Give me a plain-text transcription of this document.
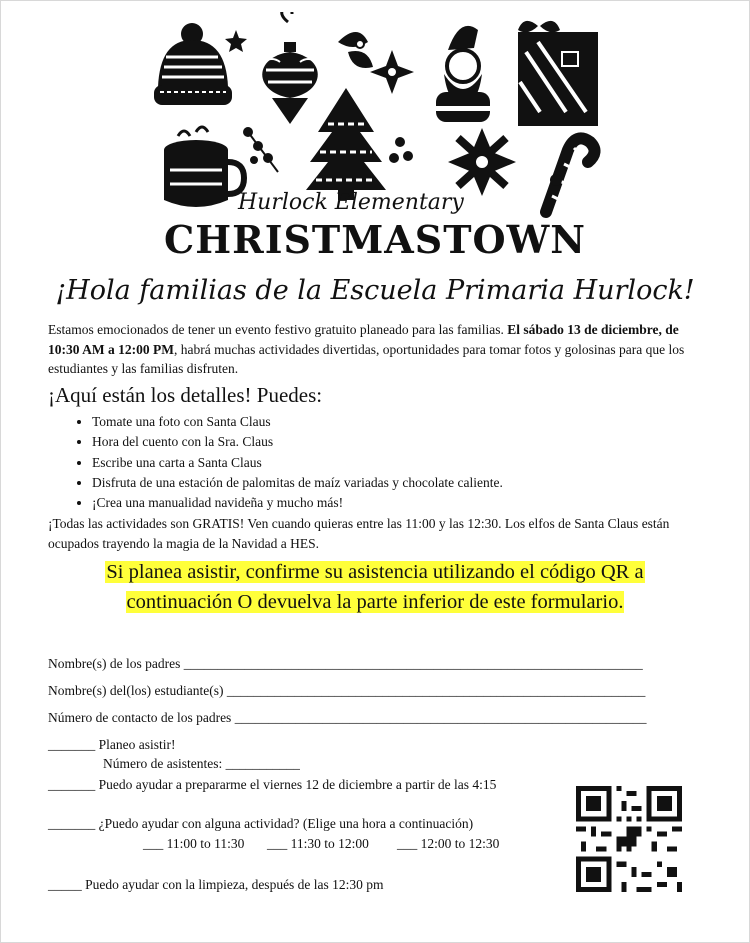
Hurlock Elementary
CHRISTMASTOWN
¡Hola familias de la Escuela Primaria Hurlock!
Estamos emocionados de tener un evento festivo gratuito planeado para las familias. El sábado 13 de diciembre, de 10:30 AM a 12:00 PM, habrá muchas actividades divertidas, oportunidades para tomar fotos y golosinas para que los estudiantes y las familias disfruten.
¡Aquí están los detalles! Puedes:
• Tomate una foto con Santa Claus
• Hora del cuento con la Sra. Claus
• Escribe una carta a Santa Claus
• Disfruta de una estación de palomitas de maíz variadas y chocolate caliente.
• ¡Crea una manualidad navideña y mucho más!
¡Todas las actividades son GRATIS! Ven cuando quieras entre las 11:00 y las 12:30. Los elfos de Santa Claus están ocupados trayendo la magia de la Navidad a HES.
Si planea asistir, confirme su asistencia utilizando el código QR a
continuación O devuelva la parte inferior de este formulario.
Nombre(s) de los padres ____________________________________________________________________
Nombre(s) del(los) estudiante(s) ______________________________________________________________
Número de contacto de los padres _____________________________________________________________
_______ Planeo asistir!
Número de asistentes: ___________
_______ Puedo ayudar a prepararme el viernes 12 de diciembre a partir de las 4:15
_______ ¿Puedo ayudar con alguna actividad? (Elige una hora a continuación)
___ 11:00 to 11:30 ___ 11:30 to 12:00 ___ 12:00 to 12:30
_____ Puedo ayudar con la limpieza, después de las 12:30 pm
